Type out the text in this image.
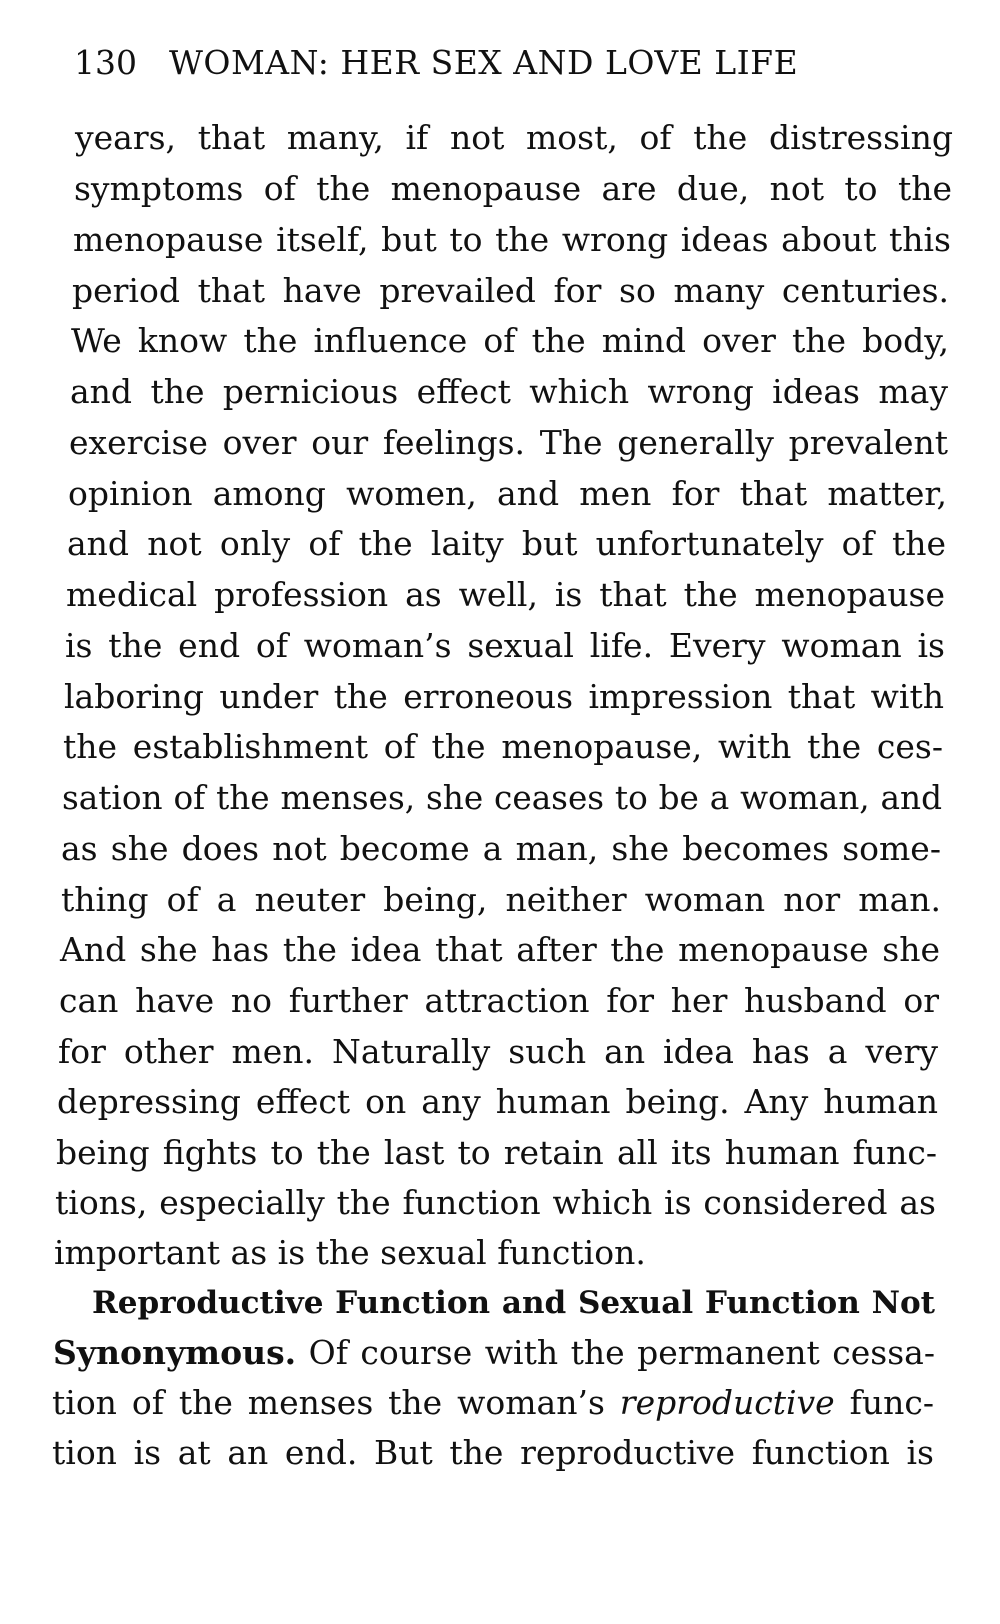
130 WOMAN: HER SEX AND LOVE LIFE
years, that many, if not most, of the distressing
symptoms of the menopause are due, not to the
menopause itself, but to the wrong ideas about this
period that have prevailed for so many centuries.
We know the influence of the mind over the body,
and the pernicious effect which wrong ideas may
exercise over our feelings. The generally prevalent
opinion among women, and men for that matter,
and not only of the laity but unfortunately of the
medical profession as well, is that the menopause
is the end of woman’s sexual life. Every woman is
laboring under the erroneous impression that with
the establishment of the menopause, with the ces-
sation of the menses, she ceases to be a woman, and
as she does not become a man, she becomes some-
thing of a neuter being, neither woman nor man.
And she has the idea that after the menopause she
can have no further attraction for her husband or
for other men. Naturally such an idea has a very
depressing effect on any human being. Any human
being fights to the last to retain all its human func-
tions, especially the function which is considered as
important as is the sexual function.
Reproductive Function and Sexual Function Not
Synonymous. Of course with the permanent cessa-
tion of the menses the woman’s reproductive func-
tion is at an end. But the reproductive function is
